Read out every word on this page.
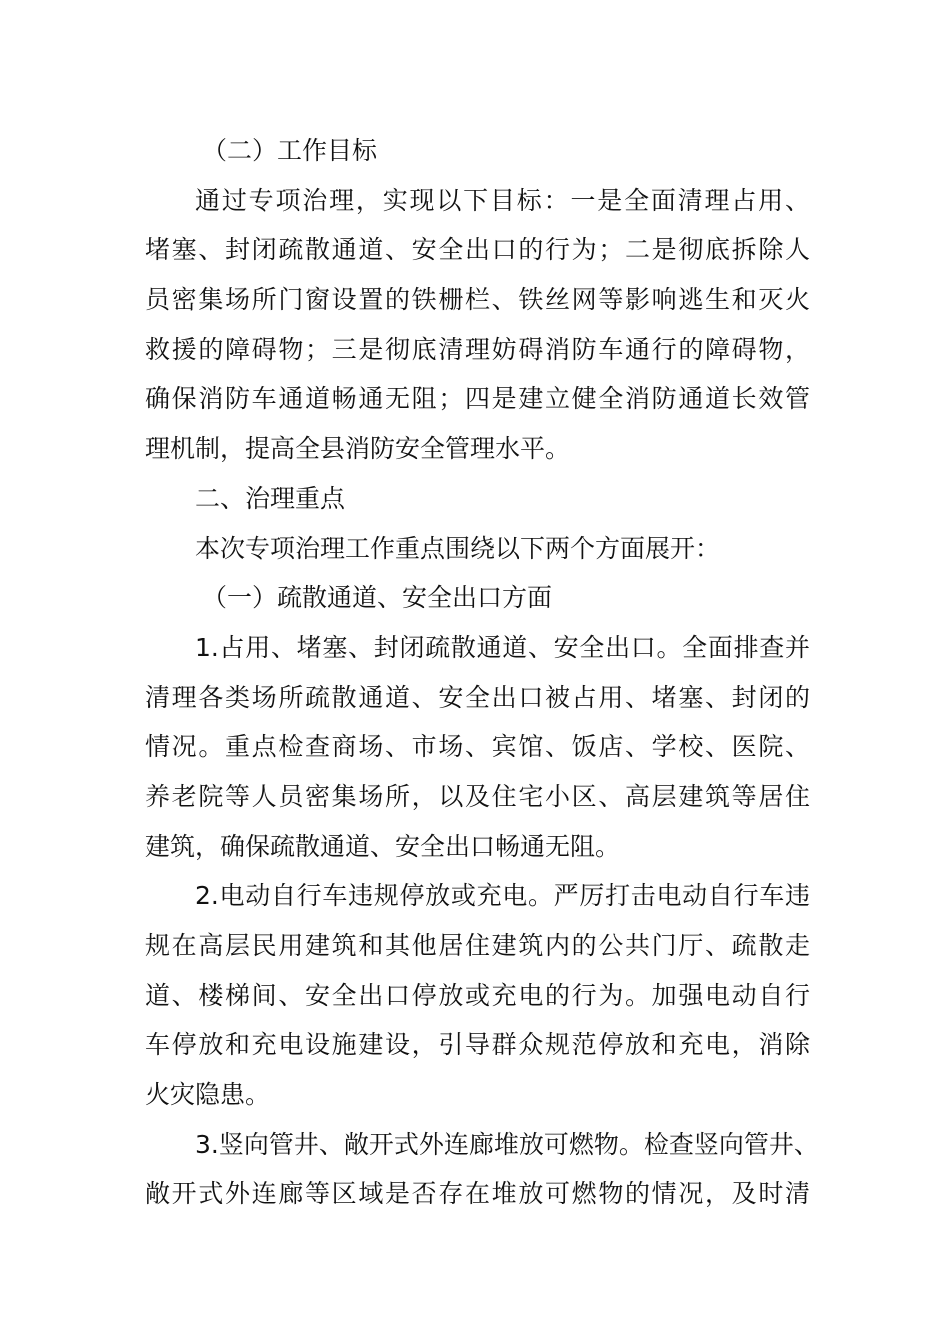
（二）工作目标
通过专项治理，实现以下目标：一是全面清理占用、
堵塞、封闭疏散通道、安全出口的行为；二是彻底拆除人
员密集场所门窗设置的铁栅栏、铁丝网等影响逃生和灭火
救援的障碍物；三是彻底清理妨碍消防车通行的障碍物，
确保消防车通道畅通无阻；四是建立健全消防通道长效管
理机制，提高全县消防安全管理水平。
二、治理重点
本次专项治理工作重点围绕以下两个方面展开：
（一）疏散通道、安全出口方面
1.占用、堵塞、封闭疏散通道、安全出口。全面排查并
清理各类场所疏散通道、安全出口被占用、堵塞、封闭的
情况。重点检查商场、市场、宾馆、饭店、学校、医院、
养老院等人员密集场所，以及住宅小区、高层建筑等居住
建筑，确保疏散通道、安全出口畅通无阻。
2.电动自行车违规停放或充电。严厉打击电动自行车违
规在高层民用建筑和其他居住建筑内的公共门厅、疏散走
道、楼梯间、安全出口停放或充电的行为。加强电动自行
车停放和充电设施建设，引导群众规范停放和充电，消除
火灾隐患。
3.竖向管井、敞开式外连廊堆放可燃物。检查竖向管井、
敞开式外连廊等区域是否存在堆放可燃物的情况，及时清
